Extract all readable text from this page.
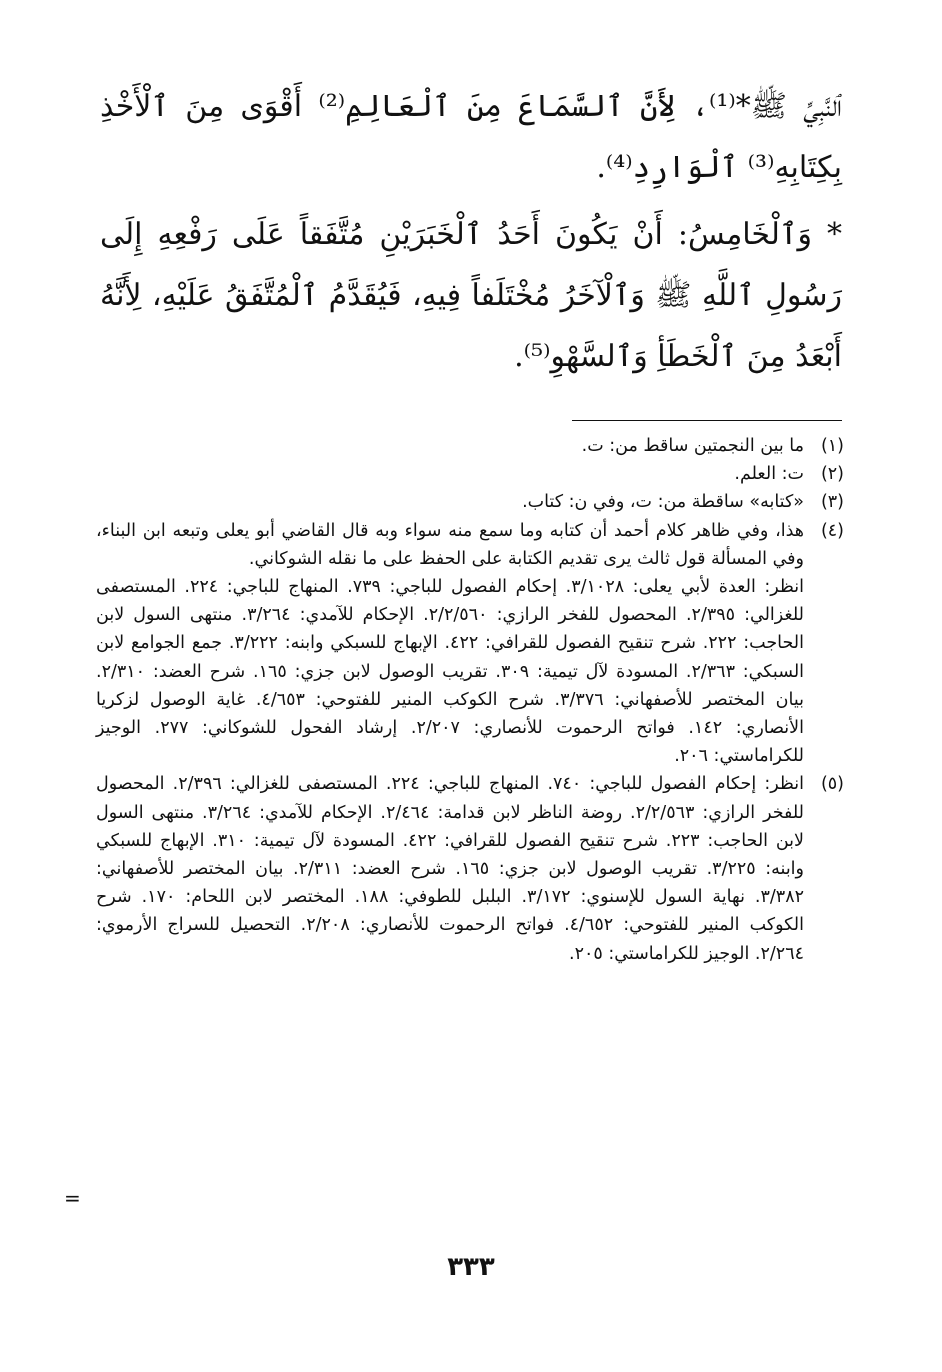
ٱلنَّبِيِّ ﷺ*⁽¹⁾، لِأَنَّ ٱلسَّمَاعَ مِنَ ٱلْعَالِمِ⁽²⁾ أَقْوَى مِنَ ٱلْأَخْذِ بِكِتَابِهِ⁽³⁾ ٱلْوَارِدِ⁽⁴⁾.

* وَٱلْخَامِسُ: أَنْ يَكُونَ أَحَدُ ٱلْخَبَرَيْنِ مُتَّفَقاً عَلَى رَفْعِهِ إِلَى رَسُولِ ٱللَّهِ ﷺ وَٱلْآخَرُ مُخْتَلَفاً فِيهِ، فَيُقَدَّمُ ٱلْمُتَّفَقُ عَلَيْهِ، لِأَنَّهُ أَبْعَدُ مِنَ ٱلْخَطَأِ وَٱلسَّهْوِ⁽⁵⁾.

(١)
ما بين النجمتين ساقط من: ت.
(٢)
ت: العلم.
(٣)
«كتابه» ساقطة من: ت، وفي ن: كتاب.
(٤)
هذا، وفي ظاهر كلام أحمد أن كتابه وما سمع منه سواء وبه قال القاضي أبو يعلى وتبعه ابن البناء، وفي المسألة قول ثالث يرى تقديم الكتابة على الحفظ على ما نقله الشوكاني.
انظر: العدة لأبي يعلى: ٣/١٠٢٨. إحكام الفصول للباجي: ٧٣٩. المنهاج للباجي: ٢٢٤. المستصفى للغزالي: ٢/٣٩٥. المحصول للفخر الرازي: ٢/٢/٥٦٠. الإحكام للآمدي: ٣/٢٦٤. منتهى السول لابن الحاجب: ٢٢٢. شرح تنقيح الفصول للقرافي: ٤٢٢. الإبهاج للسبكي وابنه: ٣/٢٢٢. جمع الجوامع لابن السبكي: ٢/٣٦٣. المسودة لآل تيمية: ٣٠٩. تقريب الوصول لابن جزي: ١٦٥. شرح العضد: ٢/٣١٠. بيان المختصر للأصفهاني: ٣/٣٧٦. شرح الكوكب المنير للفتوحي: ٤/٦٥٣. غاية الوصول لزكريا الأنصاري: ١٤٢. فواتح الرحموت للأنصاري: ٢/٢٠٧. إرشاد الفحول للشوكاني: ٢٧٧. الوجيز للكراماستي: ٢٠٦.
(٥)
انظر: إحكام الفصول للباجي: ٧٤٠. المنهاج للباجي: ٢٢٤. المستصفى للغزالي: ٢/٣٩٦. المحصول للفخر الرازي: ٢/٢/٥٦٣. روضة الناظر لابن قدامة: ٢/٤٦٤. الإحكام للآمدي: ٣/٢٦٤. منتهى السول لابن الحاجب: ٢٢٣. شرح تنقيح الفصول للقرافي: ٤٢٢. المسودة لآل تيمية: ٣١٠. الإبهاج للسبكي وابنه: ٣/٢٢٥. تقريب الوصول لابن جزي: ١٦٥. شرح العضد: ٢/٣١١. بيان المختصر للأصفهاني: ٣/٣٨٢. نهاية السول للإسنوي: ٣/١٧٢. البلبل للطوفي: ١٨٨. المختصر لابن اللحام: ١٧٠. شرح الكوكب المنير للفتوحي: ٤/٦٥٢. فواتح الرحموت للأنصاري: ٢/٢٠٨. التحصيل للسراج الأرموي: ٢/٢٦٤. الوجيز للكراماستي: ٢٠٥.
=
٣٣٣
